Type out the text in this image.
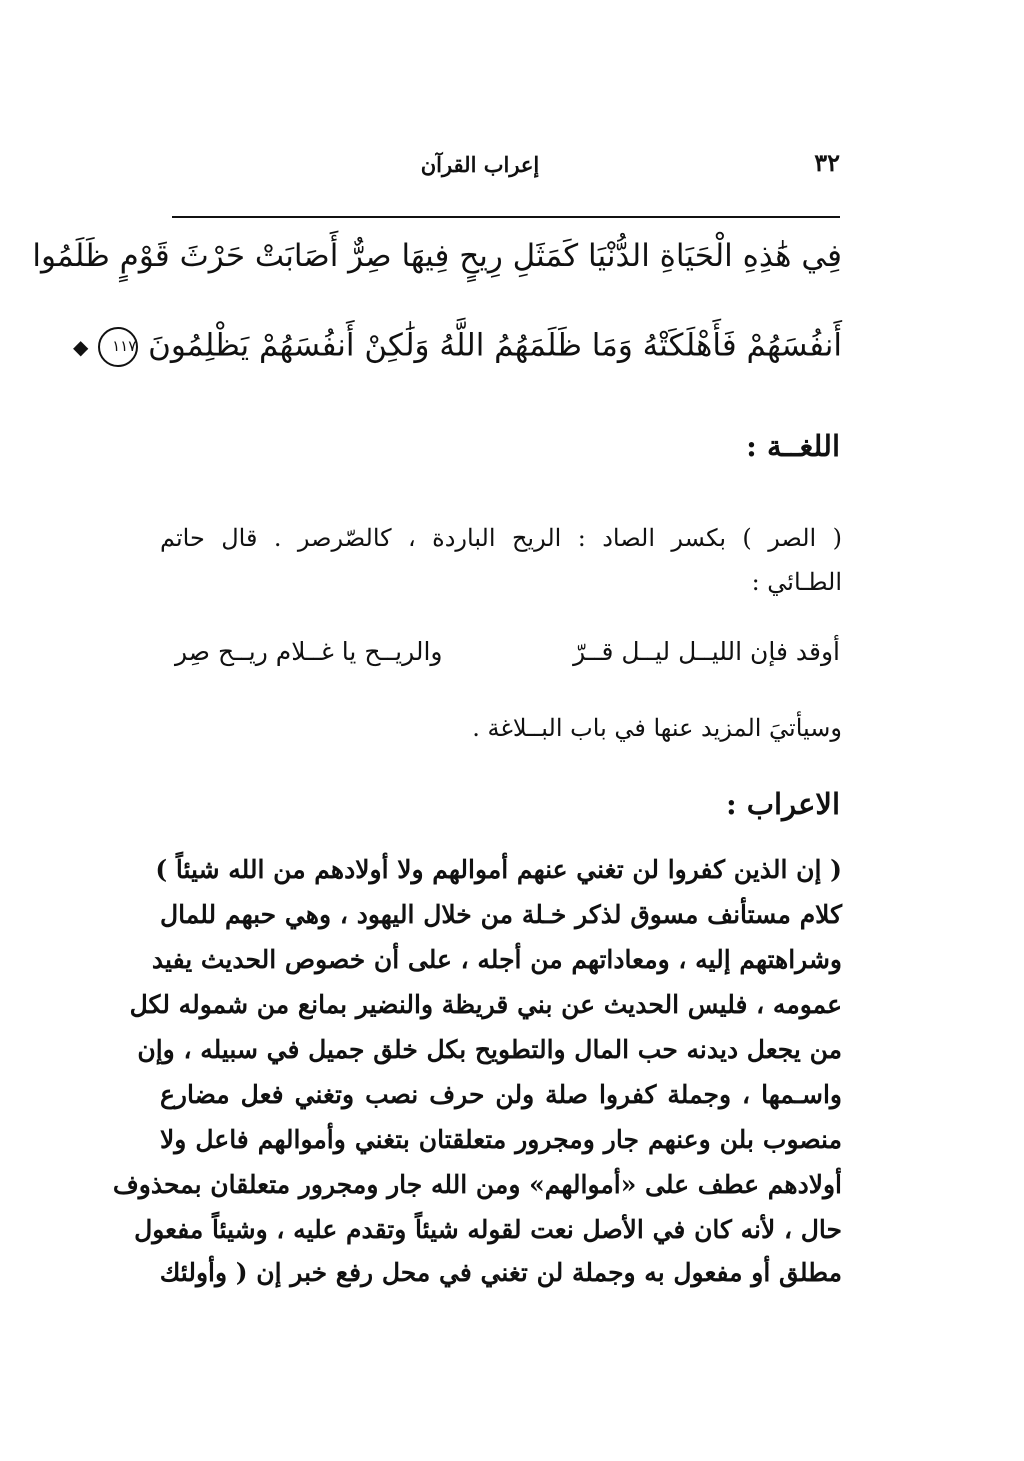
٣٢
إعراب القرآن
فِي هَٰذِهِ الْحَيَاةِ الدُّنْيَا كَمَثَلِ رِيحٍ فِيهَا صِرٌّ أَصَابَتْ حَرْثَ قَوْمٍ ظَلَمُوا
أَنفُسَهُمْ فَأَهْلَكَتْهُ وَمَا ظَلَمَهُمُ اللَّهُ وَلَٰكِنْ أَنفُسَهُمْ يَظْلِمُونَ ١١٧ ◆
اللغــة :
( الصر ) بكسر الصاد : الريح الباردة ، كالصّرصر . قال حاتم
الطـائي :
أوقد فإن الليــل ليــل قــرّ
والريــح يا غــلام ريــح صِر
وسيأتيَ المزيد عنها في باب البــلاغة .
الاعراب :
( إن الذين كفروا لن تغني عنهم أموالهم ولا أولادهم من الله شيئاً )
كلام مستأنف مسوق لذكر خـلة من خلال اليهود ، وهي حبهم للمال
وشراهتهم إليه ، ومعاداتهم من أجله ، على أن خصوص الحديث يفيد
عمومه ، فليس الحديث عن بني قريظة والنضير بمانع من شموله لكل
من يجعل ديدنه حب المال والتطويح بكل خلق جميل في سبيله ، وإن
واسـمها ، وجملة كفروا صلة ولن حرف نصب وتغني فعل مضارع
منصوب بلن وعنهم جار ومجرور متعلقتان بتغني وأموالهم فاعل ولا
أولادهم عطف على «أموالهم» ومن الله جار ومجرور متعلقان بمحذوف
حال ، لأنه كان في الأصل نعت لقوله شيئاً وتقدم عليه ، وشيئاً مفعول
مطلق أو مفعول به وجملة لن تغني في محل رفع خبر إن ( وأولئك
